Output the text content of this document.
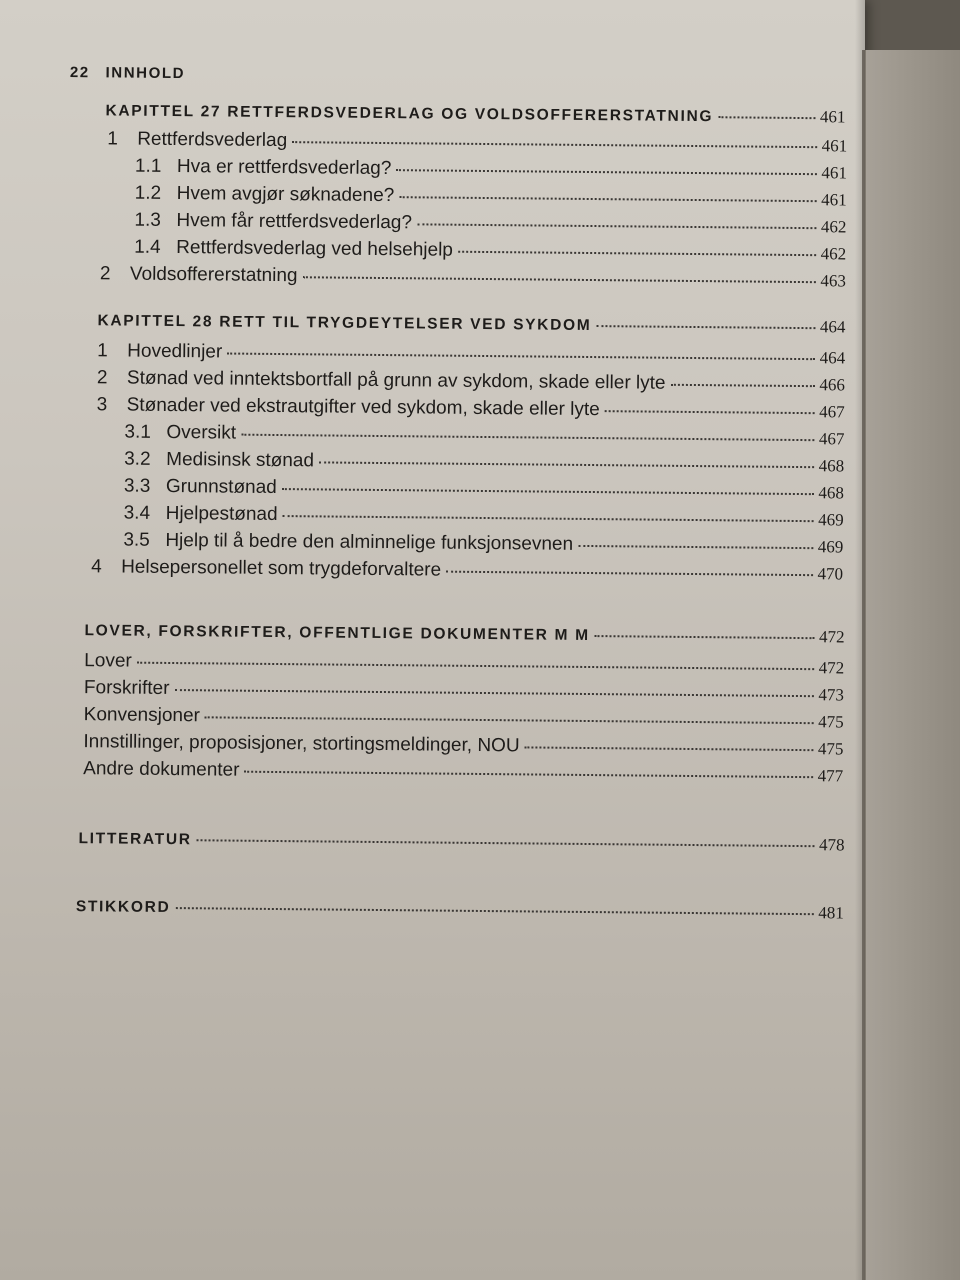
22 INNHOLD
KAPITTEL 27 RETTFERDSVEDERLAG OG VOLDSOFFERERSTATNING	461
1 Rettferdsvederlag	461
1.1 Hva er rettferdsvederlag?	461
1.2 Hvem avgjør søknadene?	461
1.3 Hvem får rettferdsvederlag?	462
1.4 Rettferdsvederlag ved helsehjelp	462
2 Voldsoffererstatning	463
KAPITTEL 28 RETT TIL TRYGDEYTELSER VED SYKDOM	464
1 Hovedlinjer	464
2 Stønad ved inntektsbortfall på grunn av sykdom, skade eller lyte	466
3 Stønader ved ekstrautgifter ved sykdom, skade eller lyte	467
3.1 Oversikt	467
3.2 Medisinsk stønad	468
3.3 Grunnstønad	468
3.4 Hjelpestønad	469
3.5 Hjelp til å bedre den alminnelige funksjonsevnen	469
4 Helsepersonellet som trygdeforvaltere	470
LOVER, FORSKRIFTER, OFFENTLIGE DOKUMENTER M M	472
Lover	472
Forskrifter	473
Konvensjoner	475
Innstillinger, proposisjoner, stortingsmeldinger, NOU	475
Andre dokumenter	477
LITTERATUR	478
STIKKORD	481
